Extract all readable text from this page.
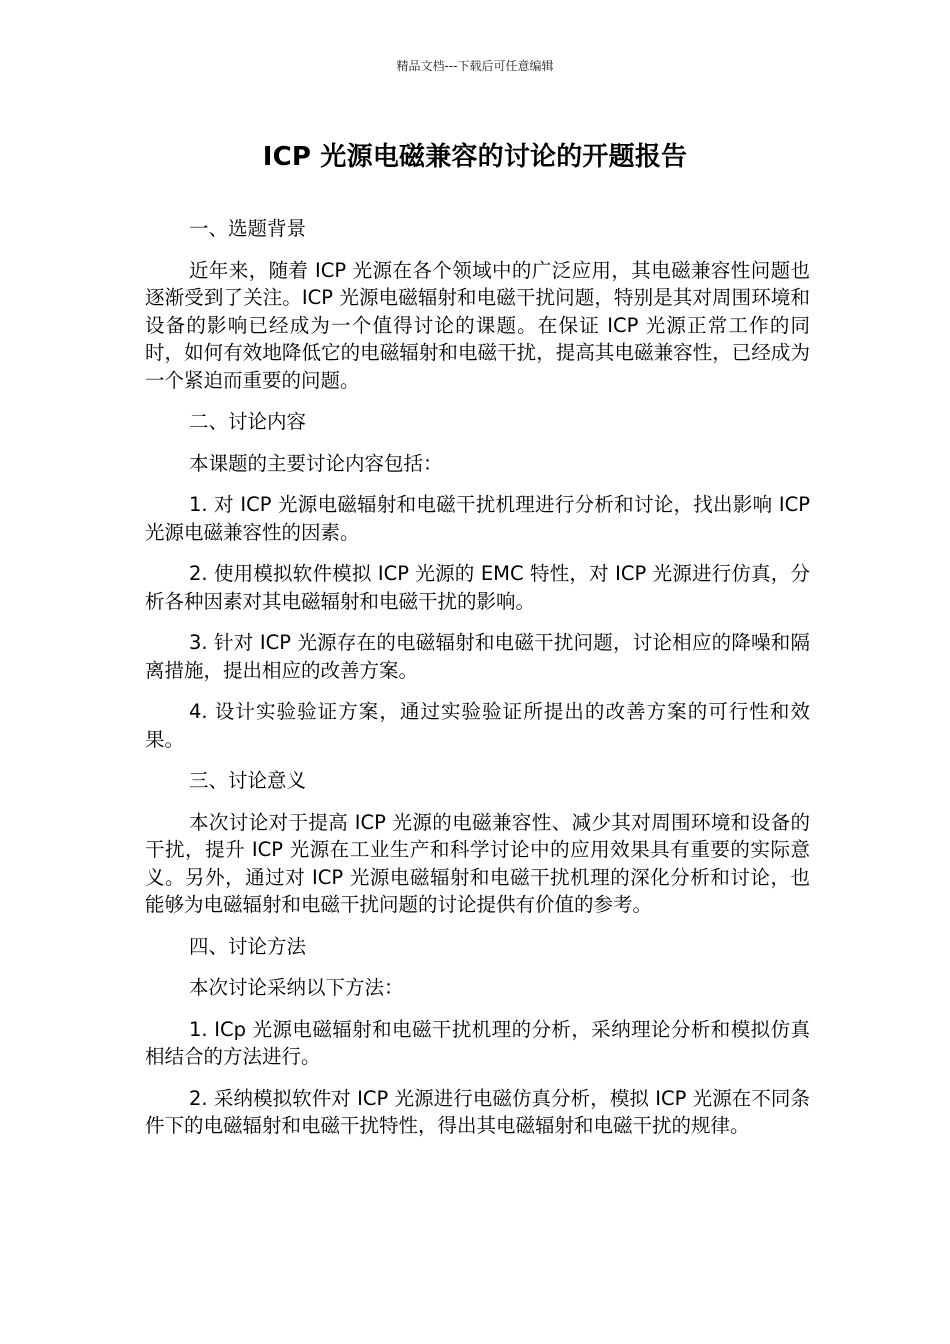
精品文档---下载后可任意编辑

ICP 光源电磁兼容的讨论的开题报告

一、选题背景

近年来，随着 ICP 光源在各个领域中的广泛应用，其电磁兼容性问题也逐渐受到了关注。ICP 光源电磁辐射和电磁干扰问题，特别是其对周围环境和设备的影响已经成为一个值得讨论的课题。在保证 ICP 光源正常工作的同时，如何有效地降低它的电磁辐射和电磁干扰，提高其电磁兼容性，已经成为一个紧迫而重要的问题。

二、讨论内容

本课题的主要讨论内容包括：

1. 对 ICP 光源电磁辐射和电磁干扰机理进行分析和讨论，找出影响 ICP 光源电磁兼容性的因素。

2. 使用模拟软件模拟 ICP 光源的 EMC 特性，对 ICP 光源进行仿真，分析各种因素对其电磁辐射和电磁干扰的影响。

3. 针对 ICP 光源存在的电磁辐射和电磁干扰问题，讨论相应的降噪和隔离措施，提出相应的改善方案。

4. 设计实验验证方案，通过实验验证所提出的改善方案的可行性和效果。

三、讨论意义

本次讨论对于提高 ICP 光源的电磁兼容性、减少其对周围环境和设备的干扰，提升 ICP 光源在工业生产和科学讨论中的应用效果具有重要的实际意义。另外，通过对 ICP 光源电磁辐射和电磁干扰机理的深化分析和讨论，也能够为电磁辐射和电磁干扰问题的讨论提供有价值的参考。

四、讨论方法

本次讨论采纳以下方法：

1. ICp 光源电磁辐射和电磁干扰机理的分析，采纳理论分析和模拟仿真相结合的方法进行。

2. 采纳模拟软件对 ICP 光源进行电磁仿真分析，模拟 ICP 光源在不同条件下的电磁辐射和电磁干扰特性，得出其电磁辐射和电磁干扰的规律。
